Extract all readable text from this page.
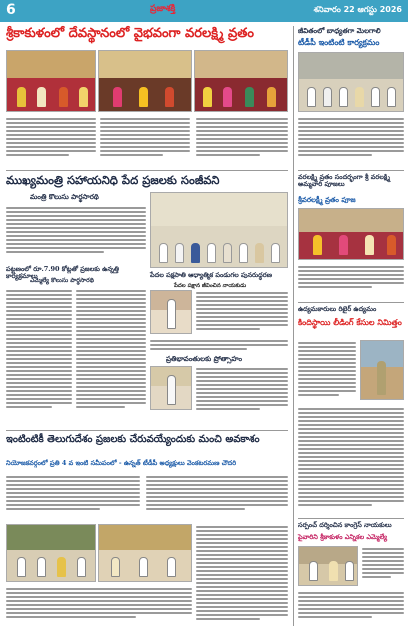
6	ప్రజాశక్తి	శనివారం 22 ఆగస్టు 2026
శ్రీకాకుళంలో దేవస్థానంలో వైభవంగా వరలక్ష్మి వ్రతం
ముఖ్యమంత్రి సహాయనిధి పేద ప్రజలకు సంజీవని
మంత్రి కొలుసు పార్థసారథి
పట్టణంలో రూ.7.90 కోట్లతో ప్రజలకు ఉన్నత్తి కార్యక్రమాలు
ఎమ్మెల్యే కొలుసు పార్థసారథి
పేదల పక్షపాతి ఆధ్యాత్మిక పండుగల పునరుద్ధరణ
పేదల పక్షాన జీవించిన నాయకుడు
ప్రతిభావంతులకు ప్రోత్సాహం
ఇంటింటికీ తెలుగుదేశం ప్రజలకు చేరువయ్యేందుకు మంచి అవకాశం
నియోజకవర్గంలో ప్రతి 4 వ ఇంటి సమీపంలో - ఉన్నత్ టీడీపీ అధ్యక్షులు వెంకటరమణ చౌదరి
జీవితంలో బాధ్యతగా మెలగాలి
టీడీపీ ఇంటింటి కార్యక్రమం
వరలక్ష్మి వ్రతం సందర్భంగా శ్రీ వరలక్ష్మి అమ్మవారి పూజలు
శ్రీవరలక్ష్మీ వ్రతం పూజ
ఉద్యమకారులు రిటైర్ ఉద్యమం
కిందిస్థాయి లీడింగ్ కేసుల నిమిత్తం
సర్పంచ్ దర్శించిన కాంగ్రెస్ నాయకులు
పైవారిని శ్రీకాకుళం ఎన్నికల ఎమ్మెల్యే
